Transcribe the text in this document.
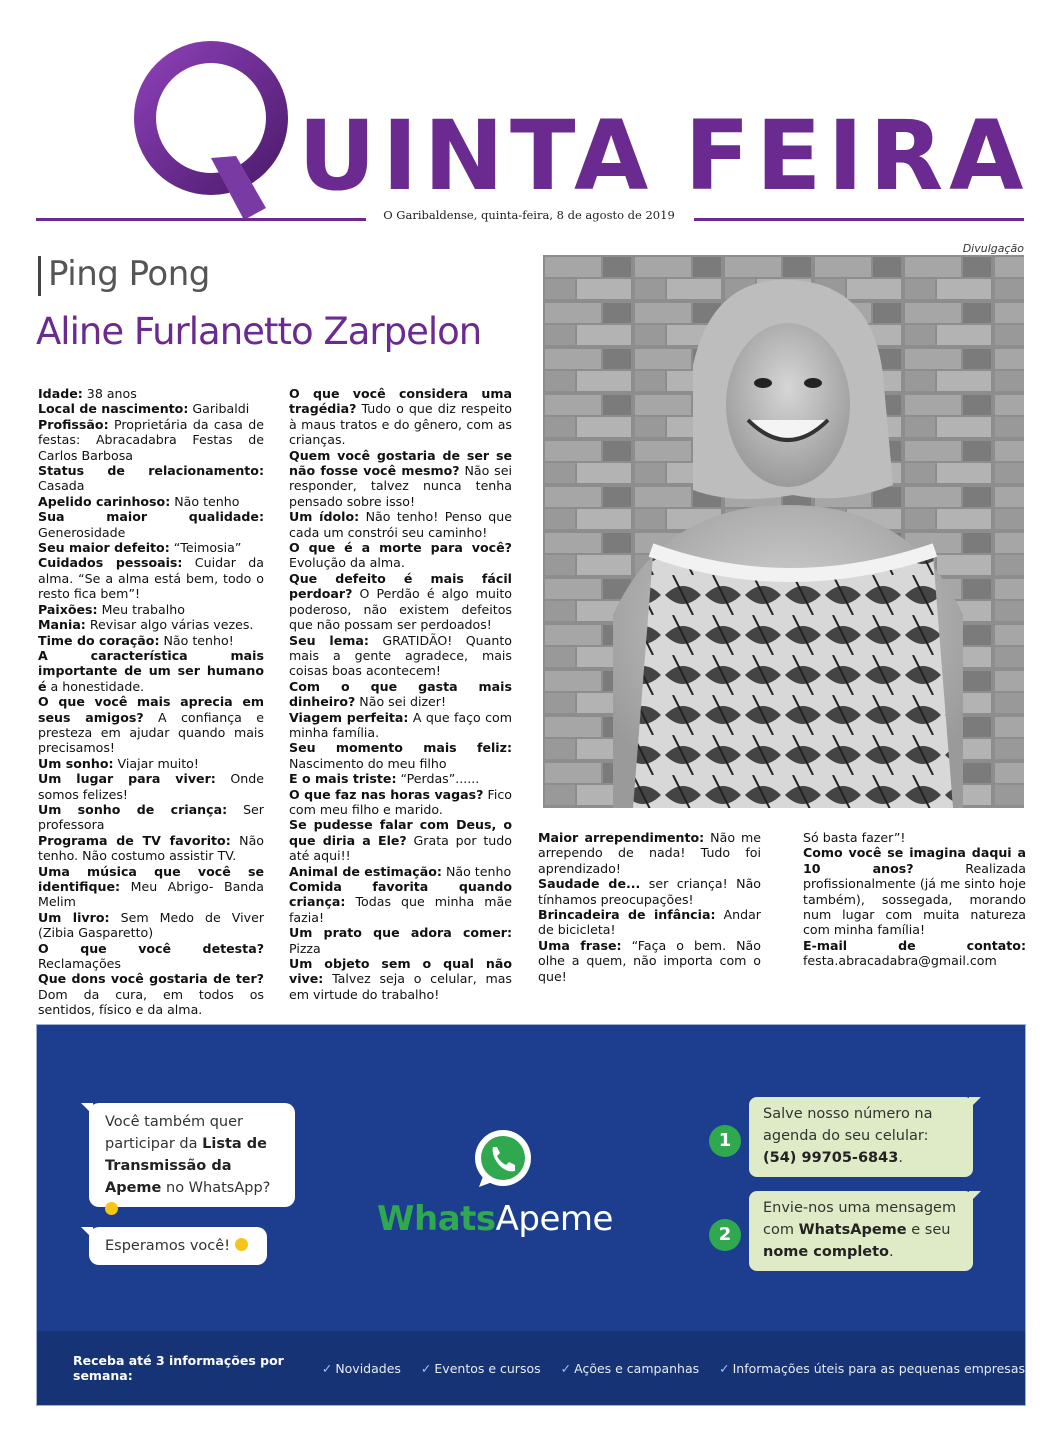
UINTA FEIRA
O Garibaldense, quinta-feira, 8 de agosto de 2019
Ping Pong
Aline Furlanetto Zarpelon
Divulgação

Idade: 38 anos

Local de nascimento: Garibaldi

Profissão: Proprietária da casa de festas: Abracadabra Festas de Carlos Barbosa

Status de relacionamento: Casada

Apelido carinhoso: Não tenho

Sua maior qualidade: Generosidade

Seu maior defeito: “Teimosia”

Cuidados pessoais: Cuidar da alma. “Se a alma está bem, todo o resto fica bem”!

Paixões: Meu trabalho

Mania: Revisar algo várias vezes.

Time do coração: Não tenho!

A característica mais importante de um ser humano é a honestidade.

O que você mais aprecia em seus amigos? A confiança e presteza em ajudar quando mais precisamos!

Um sonho: Viajar muito!

Um lugar para viver: Onde somos felizes!

Um sonho de criança: Ser professora

Programa de TV favorito: Não tenho. Não costumo assistir TV.

Uma música que você se identifique: Meu Abrigo- Banda Melim

Um livro: Sem Medo de Viver (Zibia Gasparetto)

O que você detesta? Reclamações

Que dons você gostaria de ter? Dom da cura, em todos os sentidos, físico e da alma.

O que você considera uma tragédia? Tudo o que diz respeito à maus tratos e do gênero, com as crianças.

Quem você gostaria de ser se não fosse você mesmo? Não sei responder, talvez nunca tenha pensado sobre isso!

Um ídolo: Não tenho! Penso que cada um constrói seu caminho!

O que é a morte para você? Evolução da alma.

Que defeito é mais fácil perdoar? O Perdão é algo muito poderoso, não existem defeitos que não possam ser perdoados!

Seu lema: GRATIDÃO! Quanto mais a gente agradece, mais coisas boas acontecem!

Com o que gasta mais dinheiro? Não sei dizer!

Viagem perfeita: A que faço com minha família.

Seu momento mais feliz: Nascimento do meu filho

E o mais triste: “Perdas”......

O que faz nas horas vagas? Fico com meu filho e marido.

Se pudesse falar com Deus, o que diria a Ele? Grata por tudo até aqui!!

Animal de estimação: Não tenho

Comida favorita quando criança: Todas que minha mãe fazia!

Um prato que adora comer: Pizza

Um objeto sem o qual não vive: Talvez seja o celular, mas em virtude do trabalho!

Maior arrependimento: Não me arrependo de nada! Tudo foi aprendizado!

Saudade de... ser criança! Não tínhamos preocupações!

Brincadeira de infância: Andar de bicicleta!

Uma frase: “Faça o bem. Não olhe a quem, não importa com o que!

Só basta fazer”!

Como você se imagina daqui a 10 anos? Realizada profissionalmente (já me sinto hoje também), sossegada, morando num lugar com muita natureza com minha família!

E-mail de contato: festa.abracadabra@gmail.com

Você também quer participar da Lista de Transmissão da Apeme no WhatsApp?
Esperamos você!
WhatsApeme
1
Salve nosso número na agenda do seu celular: (54) 99705-6843.
2
Envie-nos uma mensagem com WhatsApeme e seu nome completo.
Receba até 3 informações por semana:	✓ Novidades ✓ Eventos e cursos ✓ Ações e campanhas ✓ Informações úteis para as pequenas empresas
